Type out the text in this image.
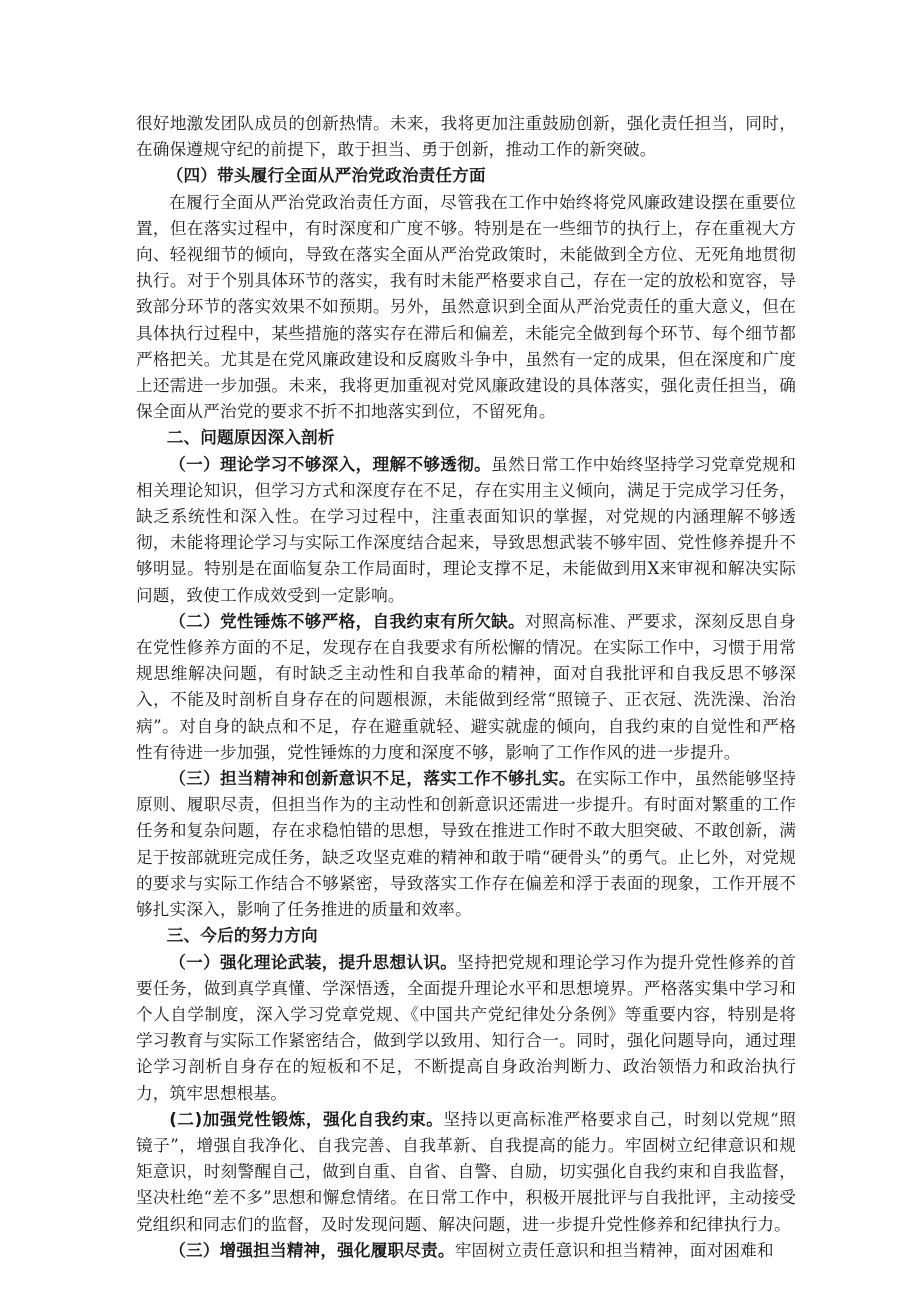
很好地激发团队成员的创新热情。未来，我将更加注重鼓励创新，强化责任担当，同时，在确保遵规守纪的前提下，敢于担当、勇于创新，推动工作的新突破。

（四）带头履行全面从严治党政治责任方面

在履行全面从严治党政治责任方面，尽管我在工作中始终将党风廉政建设摆在重要位置，但在落实过程中，有时深度和广度不够。特别是在一些细节的执行上，存在重视大方向、轻视细节的倾向，导致在落实全面从严治党政策时，未能做到全方位、无死角地贯彻执行。对于个别具体环节的落实，我有时未能严格要求自己，存在一定的放松和宽容，导致部分环节的落实效果不如预期。另外，虽然意识到全面从严治党责任的重大意义，但在具体执行过程中，某些措施的落实存在滞后和偏差，未能完全做到每个环节、每个细节都严格把关。尤其是在党风廉政建设和反腐败斗争中，虽然有一定的成果，但在深度和广度上还需进一步加强。未来，我将更加重视对党风廉政建设的具体落实，强化责任担当，确保全面从严治党的要求不折不扣地落实到位，不留死角。

二、问题原因深入剖析

（一）理论学习不够深入，理解不够透彻。虽然日常工作中始终坚持学习党章党规和相关理论知识，但学习方式和深度存在不足，存在实用主义倾向，满足于完成学习任务，缺乏系统性和深入性。在学习过程中，注重表面知识的掌握，对党规的内涵理解不够透彻，未能将理论学习与实际工作深度结合起来，导致思想武装不够牢固、党性修养提升不够明显。特别是在面临复杂工作局面时，理论支撑不足，未能做到用X来审视和解决实际问题，致使工作成效受到一定影响。

（二）党性锤炼不够严格，自我约束有所欠缺。对照高标准、严要求，深刻反思自身在党性修养方面的不足，发现存在自我要求有所松懈的情况。在实际工作中，习惯于用常规思维解决问题，有时缺乏主动性和自我革命的精神，面对自我批评和自我反思不够深入，不能及时剖析自身存在的问题根源，未能做到经常“照镜子、正衣冠、洗洗澡、治治病”。对自身的缺点和不足，存在避重就轻、避实就虚的倾向，自我约束的自觉性和严格性有待进一步加强，党性锤炼的力度和深度不够，影响了工作作风的进一步提升。

（三）担当精神和创新意识不足，落实工作不够扎实。在实际工作中，虽然能够坚持原则、履职尽责，但担当作为的主动性和创新意识还需进一步提升。有时面对繁重的工作任务和复杂问题，存在求稳怕错的思想，导致在推进工作时不敢大胆突破、不敢创新，满足于按部就班完成任务，缺乏攻坚克难的精神和敢于啃“硬骨头”的勇气。止匕外，对党规的要求与实际工作结合不够紧密，导致落实工作存在偏差和浮于表面的现象，工作开展不够扎实深入，影响了任务推进的质量和效率。

三、今后的努力方向

（一）强化理论武装，提升思想认识。坚持把党规和理论学习作为提升党性修养的首要任务，做到真学真懂、学深悟透，全面提升理论水平和思想境界。严格落实集中学习和个人自学制度，深入学习党章党规、《中国共产党纪律处分条例》等重要内容，特别是将学习教育与实际工作紧密结合，做到学以致用、知行合一。同时，强化问题导向，通过理论学习剖析自身存在的短板和不足，不断提高自身政治判断力、政治领悟力和政治执行力，筑牢思想根基。

(二)加强党性锻炼，强化自我约束。坚持以更高标准严格要求自己，时刻以党规“照镜子”，增强自我净化、自我完善、自我革新、自我提高的能力。牢固树立纪律意识和规矩意识，时刻警醒自己，做到自重、自省、自警、自励，切实强化自我约束和自我监督，坚决杜绝“差不多”思想和懈怠情绪。在日常工作中，积极开展批评与自我批评，主动接受党组织和同志们的监督，及时发现问题、解决问题，进一步提升党性修养和纪律执行力。

（三）增强担当精神，强化履职尽责。牢固树立责任意识和担当精神，面对困难和
